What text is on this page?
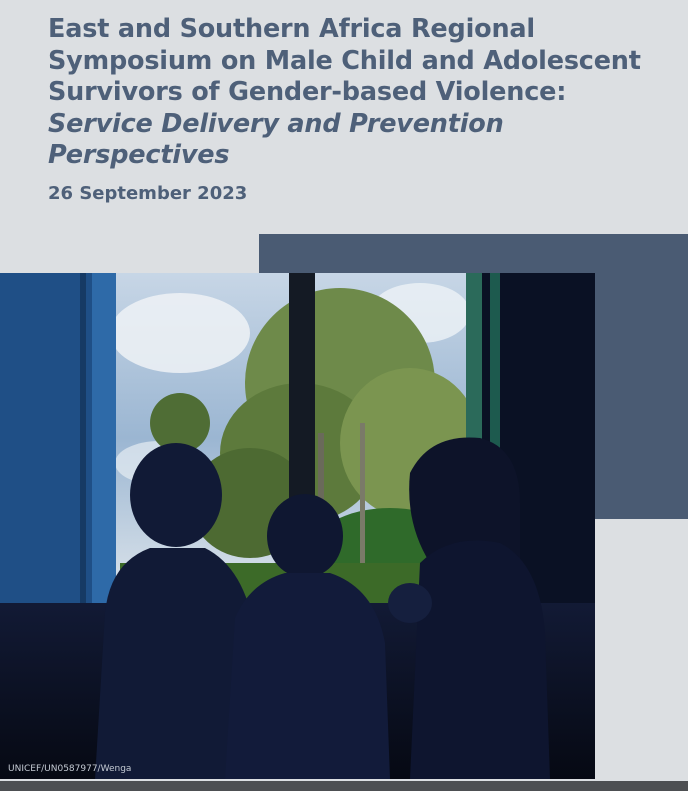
East and Southern Africa Regional Symposium on Male Child and Adolescent Survivors of Gender-based Violence: Service Delivery and Prevention Perspectives

26 September 2023

UNICEF/UN0587977/Wenga
